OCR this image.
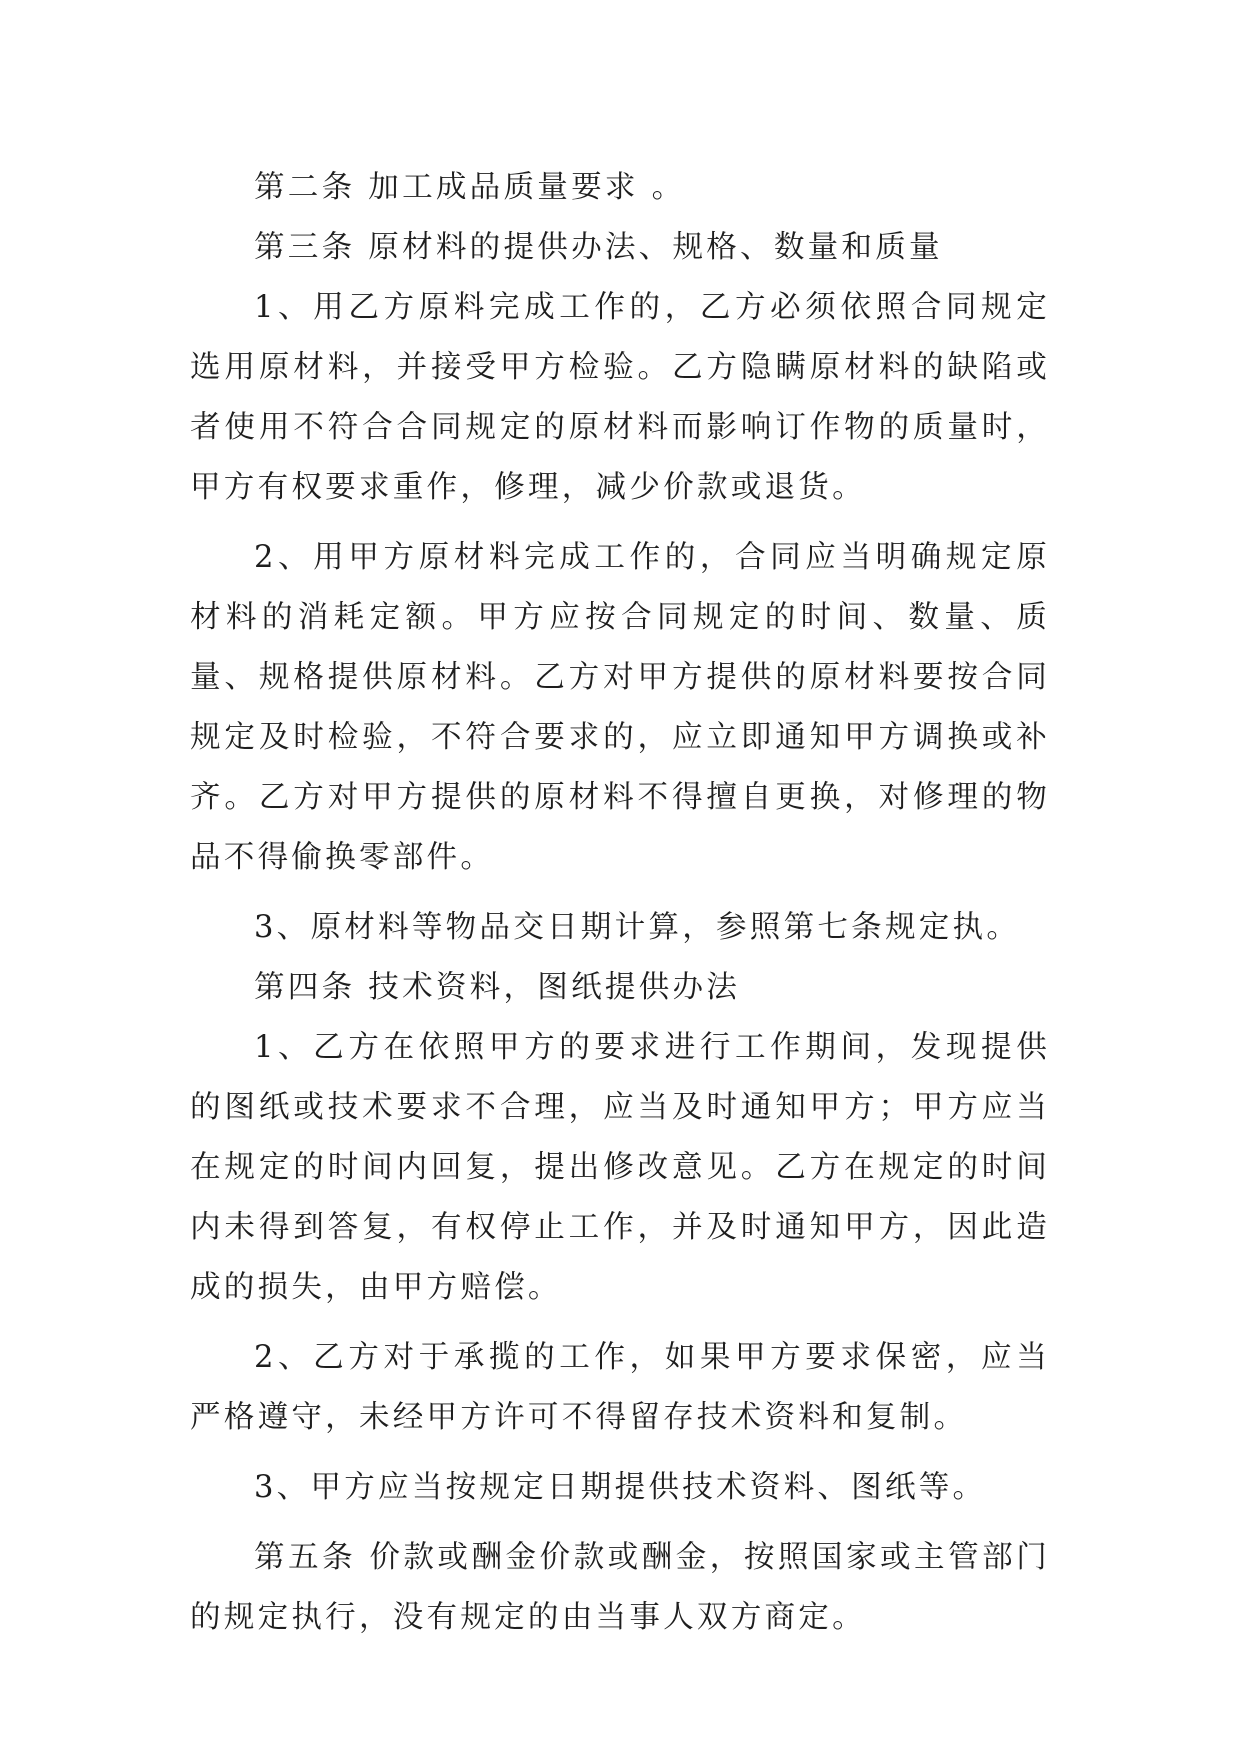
第二条 加工成品质量要求 。

第三条 原材料的提供办法、规格、数量和质量

1、用乙方原料完成工作的，乙方必须依照合同规定选用原材料，并接受甲方检验。乙方隐瞒原材料的缺陷或者使用不符合合同规定的原材料而影响订作物的质量时，甲方有权要求重作，修理，减少价款或退货。

2、用甲方原材料完成工作的，合同应当明确规定原材料的消耗定额。甲方应按合同规定的时间、数量、质量、规格提供原材料。乙方对甲方提供的原材料要按合同规定及时检验，不符合要求的，应立即通知甲方调换或补齐。乙方对甲方提供的原材料不得擅自更换，对修理的物品不得偷换零部件。

3、原材料等物品交日期计算，参照第七条规定执。

第四条 技术资料，图纸提供办法

1、乙方在依照甲方的要求进行工作期间，发现提供的图纸或技术要求不合理，应当及时通知甲方；甲方应当在规定的时间内回复，提出修改意见。乙方在规定的时间内未得到答复，有权停止工作，并及时通知甲方，因此造成的损失，由甲方赔偿。

2、乙方对于承揽的工作，如果甲方要求保密，应当严格遵守，未经甲方许可不得留存技术资料和复制。

3、甲方应当按规定日期提供技术资料、图纸等。

第五条 价款或酬金价款或酬金，按照国家或主管部门的规定执行，没有规定的由当事人双方商定。
